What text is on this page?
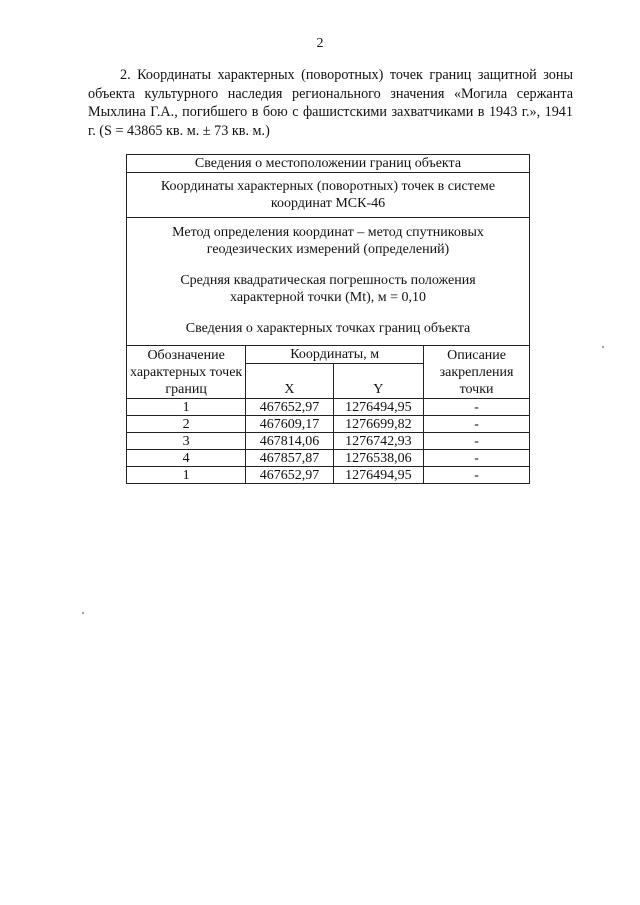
2

2. Координаты характерных (поворотных) точек границ защитной зоны объекта культурного наследия регионального значения «Могила сержанта Мыхлина Г.А., погибшего в бою с фашистскими захватчиками в 1943 г.», 1941 г. (S = 43865 кв. м. ± 73 кв. м.)

Сведения о местоположении границ объекта			
Координаты характерных (поворотных) точек в системе координат МСК-46			

Метод определения координат – метод спутниковых геодезических измерений (определений)

Средняя квадратическая погрешность положения характерной точки (Mt), м = 0,10

Сведения о характерных точках границ объекта			

Обозначение характерных точек границ	Координаты, м		Описание закрепления точки
	X	Y	
1	467652,97	1276494,95	-
2	467609,17	1276699,82	-
3	467814,06	1276742,93	-
4	467857,87	1276538,06	-
1	467652,97	1276494,95	-
